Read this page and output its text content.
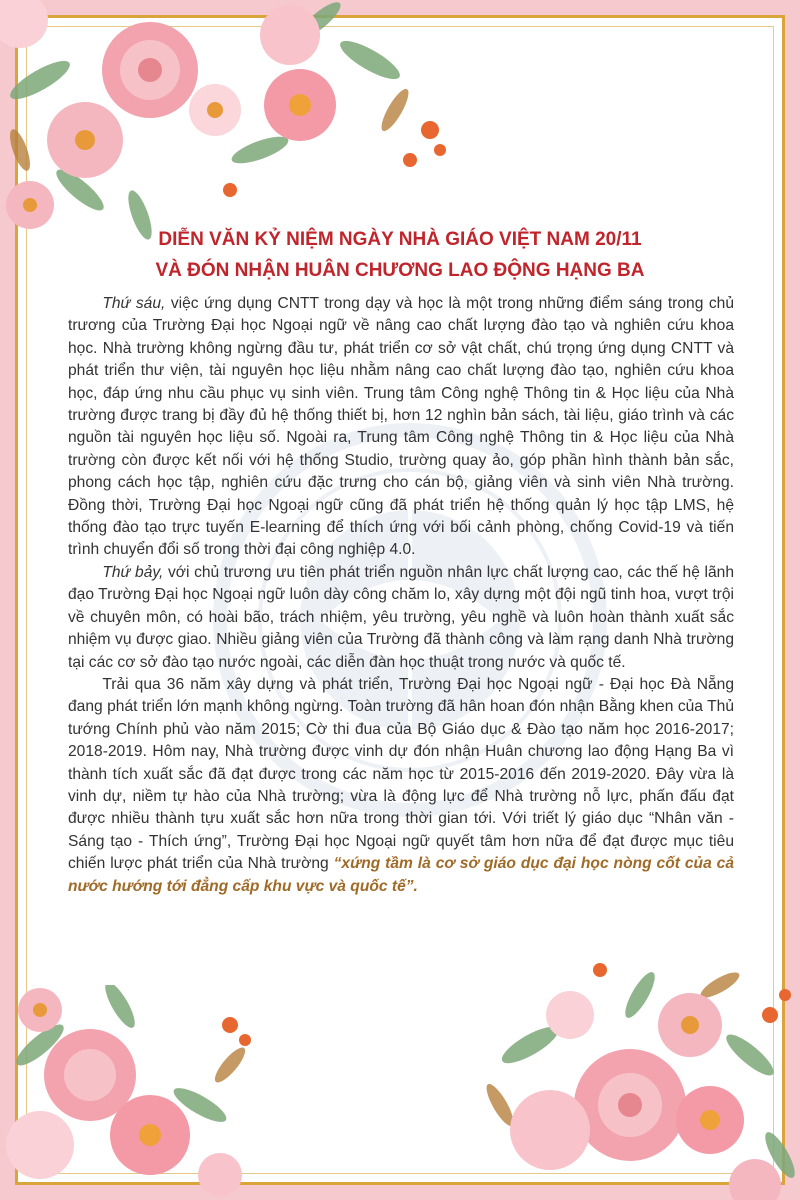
DIỄN VĂN KỶ NIỆM NGÀY NHÀ GIÁO VIỆT NAM 20/11
VÀ ĐÓN NHẬN HUÂN CHƯƠNG LAO ĐỘNG HẠNG BA

Thứ sáu, việc ứng dụng CNTT trong dạy và học là một trong những điểm sáng trong chủ trương của Trường Đại học Ngoại ngữ về nâng cao chất lượng đào tạo và nghiên cứu khoa học. Nhà trường không ngừng đầu tư, phát triển cơ sở vật chất, chú trọng ứng dụng CNTT và phát triển thư viện, tài nguyên học liệu nhằm nâng cao chất lượng đào tạo, nghiên cứu khoa học, đáp ứng nhu cầu phục vụ sinh viên. Trung tâm Công nghệ Thông tin & Học liệu của Nhà trường được trang bị đầy đủ hệ thống thiết bị, hơn 12 nghìn bản sách, tài liệu, giáo trình và các nguồn tài nguyên học liệu số. Ngoài ra, Trung tâm Công nghệ Thông tin & Học liệu của Nhà trường còn được kết nối với hệ thống Studio, trường quay ảo, góp phần hình thành bản sắc, phong cách học tập, nghiên cứu đặc trưng cho cán bộ, giảng viên và sinh viên Nhà trường. Đồng thời, Trường Đại học Ngoại ngữ cũng đã phát triển hệ thống quản lý học tập LMS, hệ thống đào tạo trực tuyến E-learning để thích ứng với bối cảnh phòng, chống Covid-19 và tiến trình chuyển đổi số trong thời đại công nghiệp 4.0.

Thứ bảy, với chủ trương ưu tiên phát triển nguồn nhân lực chất lượng cao, các thế hệ lãnh đạo Trường Đại học Ngoại ngữ luôn dày công chăm lo, xây dựng một đội ngũ tinh hoa, vượt trội về chuyên môn, có hoài bão, trách nhiệm, yêu trường, yêu nghề và luôn hoàn thành xuất sắc nhiệm vụ được giao. Nhiều giảng viên của Trường đã thành công và làm rạng danh Nhà trường tại các cơ sở đào tạo nước ngoài, các diễn đàn học thuật trong nước và quốc tế.

Trải qua 36 năm xây dựng và phát triển, Trường Đại học Ngoại ngữ - Đại học Đà Nẵng đang phát triển lớn mạnh không ngừng. Toàn trường đã hân hoan đón nhận Bằng khen của Thủ tướng Chính phủ vào năm 2015; Cờ thi đua của Bộ Giáo dục & Đào tạo năm học 2016-2017; 2018-2019. Hôm nay, Nhà trường được vinh dự đón nhận Huân chương lao động Hạng Ba vì thành tích xuất sắc đã đạt được trong các năm học từ 2015-2016 đến 2019-2020. Đây vừa là vinh dự, niềm tự hào của Nhà trường; vừa là động lực để Nhà trường nỗ lực, phấn đấu đạt được nhiều thành tựu xuất sắc hơn nữa trong thời gian tới. Với triết lý giáo dục “Nhân văn - Sáng tạo - Thích ứng”, Trường Đại học Ngoại ngữ quyết tâm hơn nữa để đạt được mục tiêu chiến lược phát triển của Nhà trường “xứng tầm là cơ sở giáo dục đại học nòng cốt của cả nước hướng tới đẳng cấp khu vực và quốc tế”.
